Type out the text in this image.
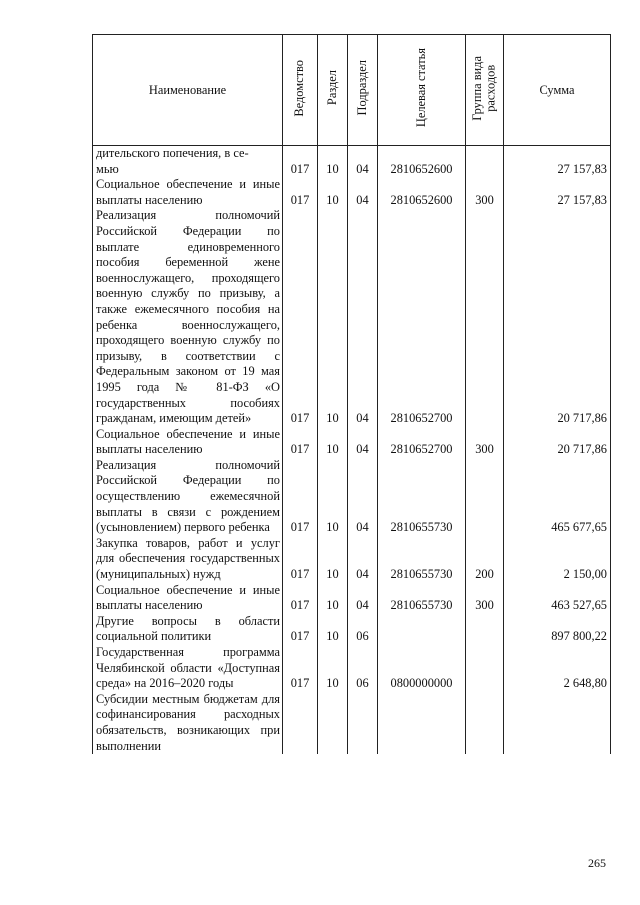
Наименование	Ведомство	Раздел	Подраздел	Целевая статья	Группа вида расходов	Сумма
дительского попечения, в се-
мью	017	10	04	2810652600		27 157,83
Социальное обеспечение и иные выплаты населению	017	10	04	2810652600	300	27 157,83
Реализация полномочий Российской Федерации по выплате единовременного пособия беременной жене военнослужащего, проходящего военную службу по призыву, а также ежемесячного пособия на ребенка военнослужащего, проходящего военную службу по призыву, в соответствии с Федеральным законом от 19 мая 1995 года № 81-ФЗ «О государственных пособиях гражданам, имеющим детей»	017	10	04	2810652700		20 717,86
Социальное обеспечение и иные выплаты населению	017	10	04	2810652700	300	20 717,86
Реализация полномочий Российской Федерации по осуществлению ежемесячной выплаты в связи с рождением (усыновлением) первого ребенка	017	10	04	2810655730		465 677,65
Закупка товаров, работ и услуг для обеспечения государственных (муниципальных) нужд	017	10	04	2810655730	200	2 150,00
Социальное обеспечение и иные выплаты населению	017	10	04	2810655730	300	463 527,65
Другие вопросы в области социальной политики	017	10	06			897 800,22
Государственная программа Челябинской области «Доступная среда» на 2016–2020 годы	017	10	06	0800000000		2 648,80
Субсидии местным бюджетам для софинансирования расходных обязательств, возникающих при выполнении						
265
